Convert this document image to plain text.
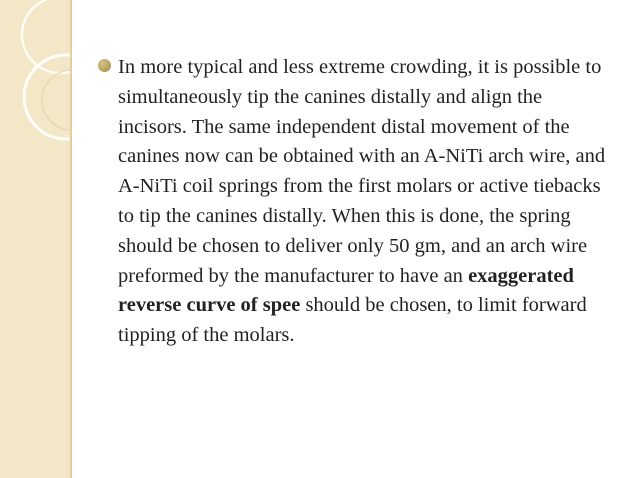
In more typical and less extreme crowding, it is possible to simultaneously tip the canines distally and align the incisors. The same independent distal movement of the canines now can be obtained with an A-NiTi arch wire, and A-NiTi coil springs from the first molars or active tiebacks to tip the canines distally. When this is done, the spring should be chosen to deliver only 50 gm, and an arch wire preformed by the manufacturer to have an exaggerated reverse curve of spee should be chosen, to limit forward tipping of the molars.
